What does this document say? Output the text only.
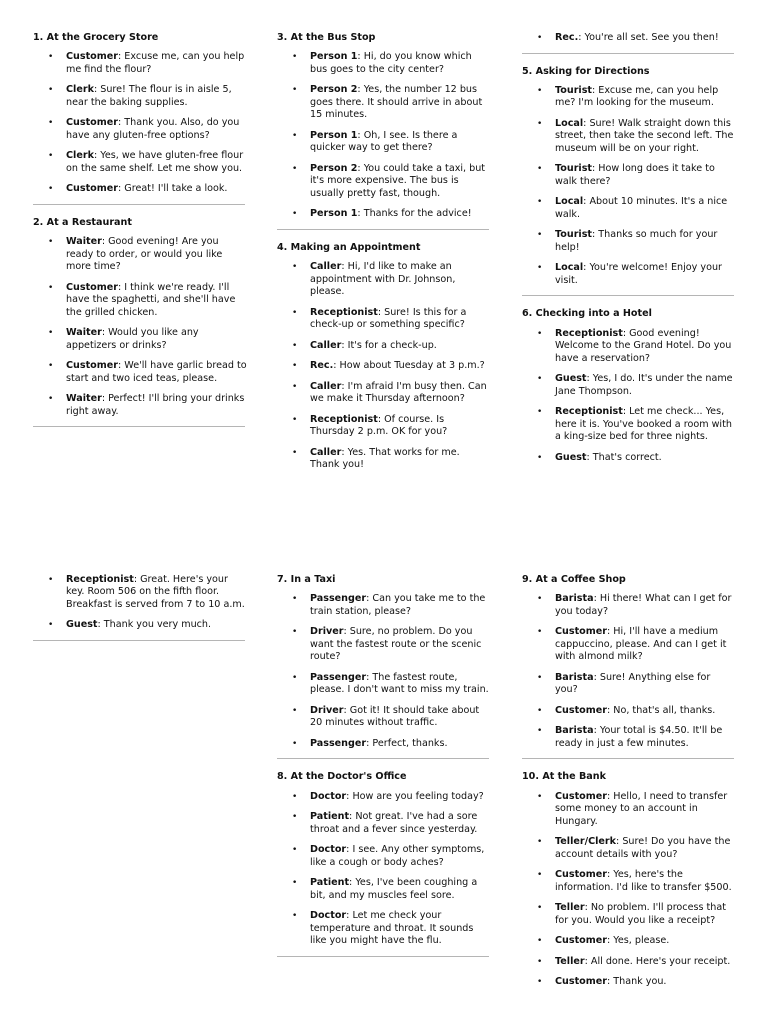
1. At the Grocery Store
• Customer: Excuse me, can you help me find the flour?
• Clerk: Sure! The flour is in aisle 5, near the baking supplies.
• Customer: Thank you. Also, do you have any gluten-free options?
• Clerk: Yes, we have gluten-free flour on the same shelf. Let me show you.
• Customer: Great! I'll take a look.
2. At a Restaurant
• Waiter: Good evening! Are you ready to order, or would you like more time?
• Customer: I think we're ready. I'll have the spaghetti, and she'll have the grilled chicken.
• Waiter: Would you like any appetizers or drinks?
• Customer: We'll have garlic bread to start and two iced teas, please.
• Waiter: Perfect! I'll bring your drinks right away.
3. At the Bus Stop
• Person 1: Hi, do you know which bus goes to the city center?
• Person 2: Yes, the number 12 bus goes there. It should arrive in about 15 minutes.
• Person 1: Oh, I see. Is there a quicker way to get there?
• Person 2: You could take a taxi, but it's more expensive. The bus is usually pretty fast, though.
• Person 1: Thanks for the advice!
4. Making an Appointment
• Caller: Hi, I'd like to make an appointment with Dr. Johnson, please.
• Receptionist: Sure! Is this for a check-up or something specific?
• Caller: It's for a check-up.
• Rec.: How about Tuesday at 3 p.m.?
• Caller: I'm afraid I'm busy then. Can we make it Thursday afternoon?
• Receptionist: Of course. Is Thursday 2 p.m. OK for you?
• Caller: Yes. That works for me. Thank you!
• Rec.: You're all set. See you then!
5. Asking for Directions
• Tourist: Excuse me, can you help me? I'm looking for the museum.
• Local: Sure! Walk straight down this street, then take the second left. The museum will be on your right.
• Tourist: How long does it take to walk there?
• Local: About 10 minutes. It's a nice walk.
• Tourist: Thanks so much for your help!
• Local: You're welcome! Enjoy your visit.
6. Checking into a Hotel
• Receptionist: Good evening! Welcome to the Grand Hotel. Do you have a reservation?
• Guest: Yes, I do. It's under the name Jane Thompson.
• Receptionist: Let me check... Yes, here it is. You've booked a room with a king-size bed for three nights.
• Guest: That's correct.
• Receptionist: Great. Here's your key. Room 506 on the fifth floor. Breakfast is served from 7 to 10 a.m.
• Guest: Thank you very much.
7. In a Taxi
• Passenger: Can you take me to the train station, please?
• Driver: Sure, no problem. Do you want the fastest route or the scenic route?
• Passenger: The fastest route, please. I don't want to miss my train.
• Driver: Got it! It should take about 20 minutes without traffic.
• Passenger: Perfect, thanks.
8. At the Doctor's Office
• Doctor: How are you feeling today?
• Patient: Not great. I've had a sore throat and a fever since yesterday.
• Doctor: I see. Any other symptoms, like a cough or body aches?
• Patient: Yes, I've been coughing a bit, and my muscles feel sore.
• Doctor: Let me check your temperature and throat. It sounds like you might have the flu.
9. At a Coffee Shop
• Barista: Hi there! What can I get for you today?
• Customer: Hi, I'll have a medium cappuccino, please. And can I get it with almond milk?
• Barista: Sure! Anything else for you?
• Customer: No, that's all, thanks.
• Barista: Your total is $4.50. It'll be ready in just a few minutes.
10. At the Bank
• Customer: Hello, I need to transfer some money to an account in Hungary.
• Teller/Clerk: Sure! Do you have the account details with you?
• Customer: Yes, here's the information. I'd like to transfer $500.
• Teller: No problem. I'll process that for you. Would you like a receipt?
• Customer: Yes, please.
• Teller: All done. Here's your receipt.
• Customer: Thank you.
